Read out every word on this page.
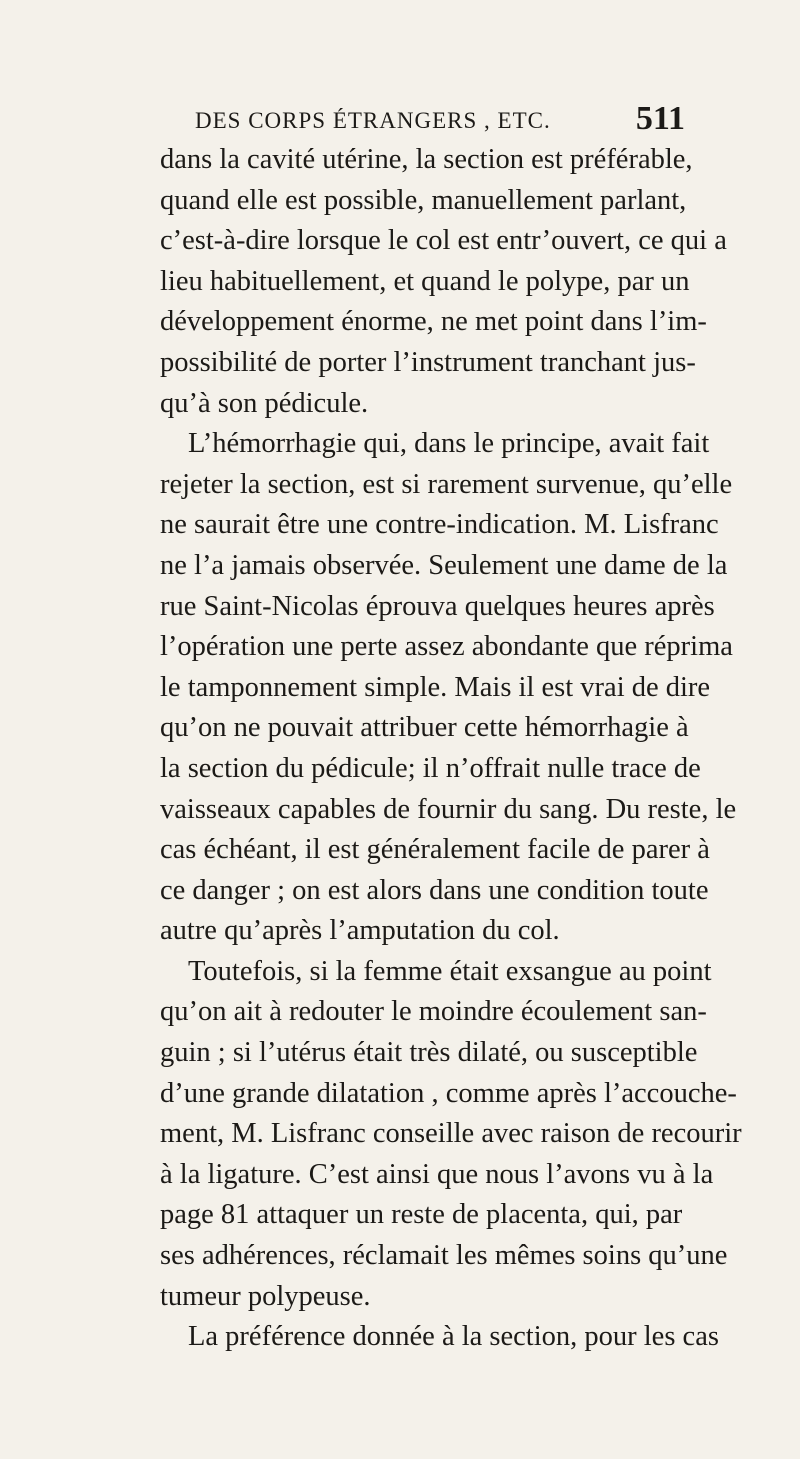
DES CORPS ÉTRANGERS , ETC.	511
dans la cavité utérine, la section est préférable,
quand elle est possible, manuellement parlant,
c’est-à-dire lorsque le col est entr’ouvert, ce qui a
lieu habituellement, et quand le polype, par un
développement énorme, ne met point dans l’im-
possibilité de porter l’instrument tranchant jus-
qu’à son pédicule.
L’hémorrhagie qui, dans le principe, avait fait
rejeter la section, est si rarement survenue, qu’elle
ne saurait être une contre-indication. M. Lisfranc
ne l’a jamais observée. Seulement une dame de la
rue Saint-Nicolas éprouva quelques heures après
l’opération une perte assez abondante que réprima
le tamponnement simple. Mais il est vrai de dire
qu’on ne pouvait attribuer cette hémorrhagie à
la section du pédicule; il n’offrait nulle trace de
vaisseaux capables de fournir du sang. Du reste, le
cas échéant, il est généralement facile de parer à
ce danger ; on est alors dans une condition toute
autre qu’après l’amputation du col.
Toutefois, si la femme était exsangue au point
qu’on ait à redouter le moindre écoulement san-
guin ; si l’utérus était très dilaté, ou susceptible
d’une grande dilatation , comme après l’accouche-
ment, M. Lisfranc conseille avec raison de recourir
à la ligature. C’est ainsi que nous l’avons vu à la
page 81 attaquer un reste de placenta, qui, par
ses adhérences, réclamait les mêmes soins qu’une
tumeur polypeuse.
La préférence donnée à la section, pour les cas
